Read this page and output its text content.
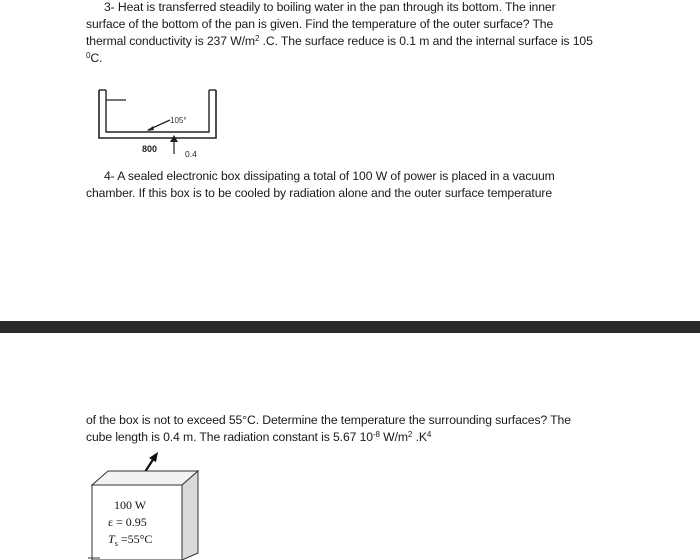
3- Heat is transferred steadily to boiling water in the pan through its bottom. The inner
surface of the bottom of the pan is given. Find the temperature of the outer surface? The
thermal conductivity is 237 $W/m^2$ .C. The surface reduce is 0.1 m and the internal surface is 105
$^0$C.
105°
800	0.4
4- A sealed electronic box dissipating a total of 100 W of power is placed in a vacuum
chamber. If this box is to be cooled by radiation alone and the outer surface temperature
of the box is not to exceed 55°C. Determine the temperature the surrounding surfaces? The
cube length is 0.4 m. The radiation constant is 5.67 $10^{-8}$ $W/m^2$ $.K^4$
100 W
ε = 0.95
$T_s =55^\circ C$
